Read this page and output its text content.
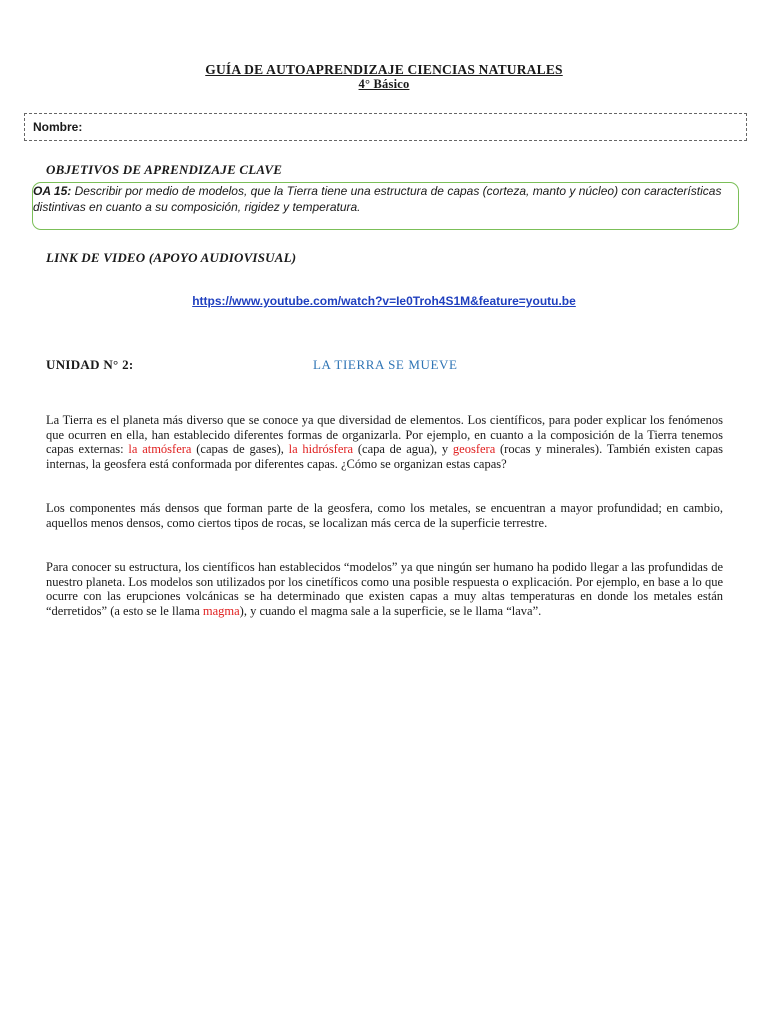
GUÍA DE AUTOAPRENDIZAJE CIENCIAS NATURALES
4° Básico
Nombre:
OBJETIVOS DE APRENDIZAJE CLAVE
OA 15: Describir por medio de modelos, que la Tierra tiene una estructura de capas (corteza, manto y núcleo) con características distintivas en cuanto a su composición, rigidez y temperatura.
LINK DE VIDEO (APOYO AUDIOVISUAL)
https://www.youtube.com/watch?v=Ie0Troh4S1M&feature=youtu.be
UNIDAD N° 2:	LA TIERRA SE MUEVE
La Tierra es el planeta más diverso que se conoce ya que diversidad de elementos. Los científicos, para poder explicar los fenómenos que ocurren en ella, han establecido diferentes formas de organizarla. Por ejemplo, en cuanto a la composición de la Tierra tenemos capas externas: la atmósfera (capas de gases), la hidrósfera (capa de agua), y geosfera (rocas y minerales). También existen capas internas, la geosfera está conformada por diferentes capas. ¿Cómo se organizan estas capas?
Los componentes más densos que forman parte de la geosfera, como los metales, se encuentran a mayor profundidad; en cambio, aquellos menos densos, como ciertos tipos de rocas, se localizan más cerca de la superficie terrestre.
Para conocer su estructura, los científicos han establecidos “modelos” ya que ningún ser humano ha podido llegar a las profundidas de nuestro planeta. Los modelos son utilizados por los cinetíficos como una posible respuesta o explicación. Por ejemplo, en base a lo que ocurre con las erupciones volcánicas se ha determinado que existen capas a muy altas temperaturas en donde los metales están “derretidos” (a esto se le llama magma), y cuando el magma sale a la superficie, se le llama “lava”.
